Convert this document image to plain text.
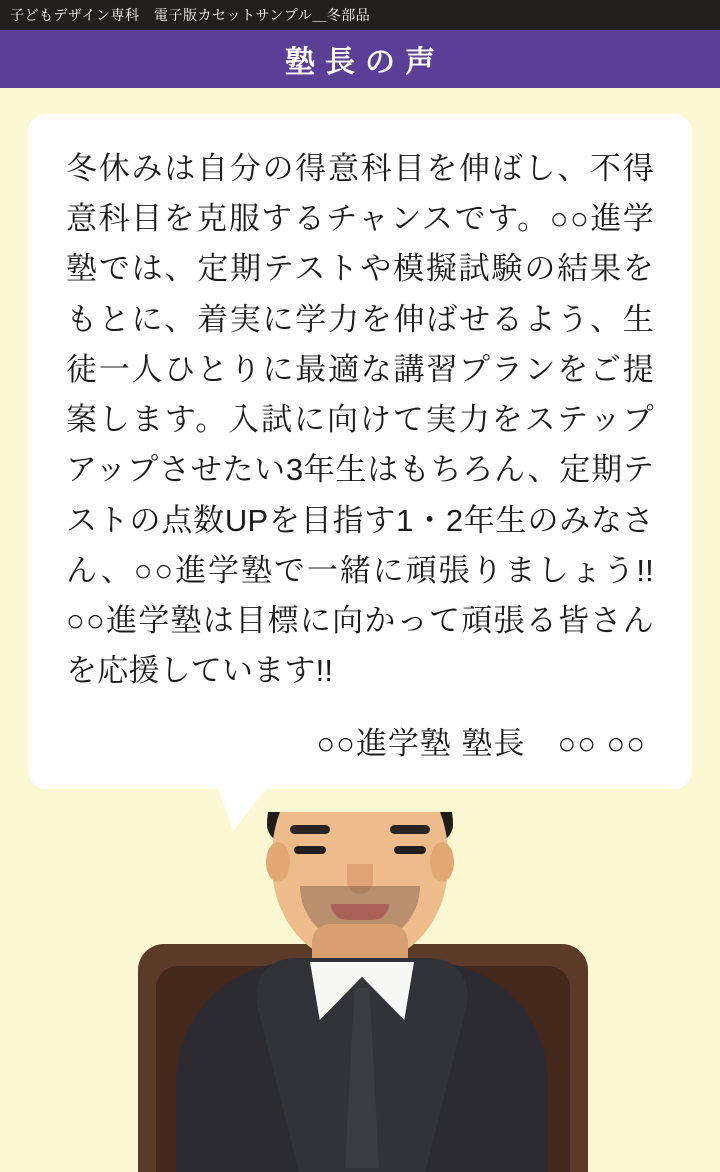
子どもデザイン専科　電子版カセットサンプル＿冬部品
塾長の声

冬休みは自分の得意科目を伸ばし、不得意科目を克服するチャンスです。○○進学塾では、定期テストや模擬試験の結果をもとに、着実に学力を伸ばせるよう、生徒一人ひとりに最適な講習プランをご提案します。入試に向けて実力をステップアップさせたい3年生はもちろん、定期テストの点数UPを目指す1・2年生のみなさん、○○進学塾で一緒に頑張りましょう!!○○進学塾は目標に向かって頑張る皆さんを応援しています!!

○○進学塾 塾長　○○ ○○
